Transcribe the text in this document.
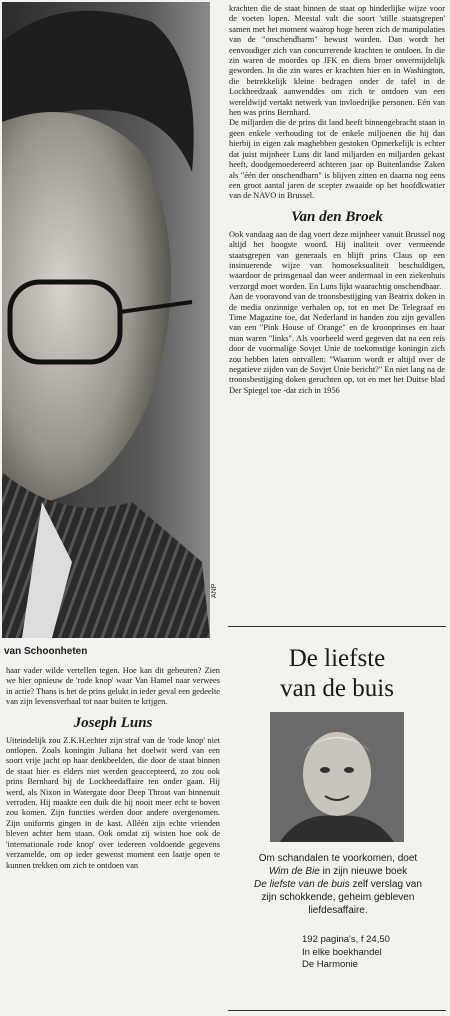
ANP
van Schoonheten

krachten die de staat binnen de staat op hinderlijke wijze voor de voeten lopen. Meestal valt die soort 'stille staatsgrepen' samen met het moment waarop hoge heren zich de manipulaties van de "onschendbarm" bewust worden. Dan wordt het eenvoudiger zich van concurrerende krachten te ontdoen. In die zin waren de moordes op JFK en diens broer onvermijdelijk geworden. In die zin wares er krachten hier en in Washington, die betrekkelijk kleine bedragen onder de tafel in de Lockheedzaak aanwenddes om zich te ontdoen van een wereldwijd vertakt netwerk van invloedrijke personen. Eén van hen was prins Bernhard.

De miljarden die de prins dit land heeft binnengebracht staan in geen enkele verhouding tot de enkele miljoenen die hij dan hierbij in eigen zak maghebben gestoken Opmerkelijk is echter dat juist mijnheer Luns dit land miljarden en miljarden gekast heeft, doodgemoedereerd achteren jaar op Buitenlandse Zaken als "één der onschendbarn" is blijven zitten en daarna nog eens een groot aantal jaren de scepter zwaaide op het hoofdkwatier van de NAVO in Brussel.

Van den Broek

Ook vandaag aan de dag voert deze mijnheer vanuit Brussel nog altijd het hoogste woord. Hij inaliteit over vermeende staatsgrepen van generaals en blijft prins Claus op een insinuerende wijze van homoseksualiteit beschuldigen, waardoor de prinsgenaal dan weer andermaal in een ziekenhuis verzorgd moet worden. En Luns lijkt waarachtig onschendbaar.

Aan de vooravond van de troonsbestijging van Beatrix doken in de media onzinnige verhalen op, tot en met De Telegraaf en Time Magazine toe, dat Nederland in handen zou zijn gevallen van een "Pink House of Orange" en de kroonprinses en haar man waren "links". Als voorbeeld werd gegeven dat na een reis door de voormalige Sovjet Unie de toekomstige koningin zich zou hebben laten ontvallen: "Waarom wordt er altijd over de negatieve zijden van de Sovjet Unie bericht?" En niet lang na de troonsbestijging doken geruchten op, tot en met het Duitse blad Der Spiegel toe -dat zich in 1956

haar vader wilde vertellen tegen. Hoe kan dit gebeuren? Zien we hier opnieuw de 'rode knop' waar Van Hamel naar verwees in actie? Thans is het de prins gelukt in ieder geval een gedeelte van zijn levensverhaal tot naar buiten te krijgen.

Joseph Luns

Uiteindelijk zou Z.K.H.echter zijn straf van de 'rode knop' niet ontlopen. Zoals koningin Juliana het doelwit werd van een soort vrije jacht op haar denkbeelden, die door de staat binnen de staat hier es elders niet werden geaccepteerd, zo zou ook prins Bernhard bij de Lockheedaffaire ten onder gaan. Hij werd, als Nixon in Watergate door Deep Throat van binnenuit verraden. Hij maakte een duik die hij nooit meer echt te boven zou komen. Zijn functies werden door andere overgenomen. Zijn uniforms gingen in de kast. Alléén zijn echte vrienden bleven achter hem staan. Ook omdat zij wisten hoe ook de 'internationale rode knop' over iedereen voldoende gegevens verzamelde, om op ieder gewenst moment een laatje open te kunnen trekken om zich te ontdoen van

De liefste
van de buis
Om schandalen te voorkomen, doet
Wim de Bie in zijn nieuwe boek
De liefste van de buis zelf verslag van
zijn schokkende, geheim gebleven
liefdesaffaire.
192 pagina's, f 24,50
In elke boekhandel
De Harmonie
